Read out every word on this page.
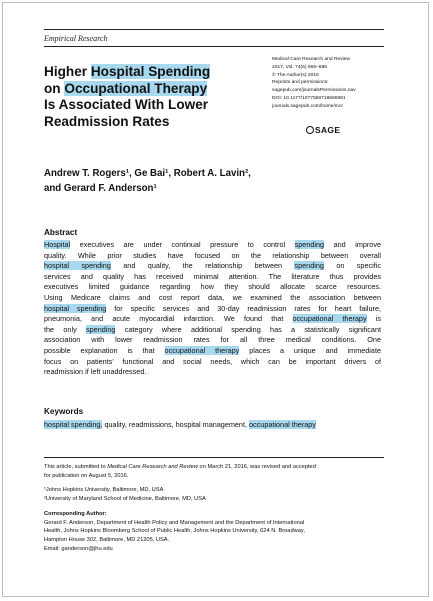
Empirical Research
Higher Hospital Spending
on Occupational Therapy
Is Associated With Lower
Readmission Rates
Medical Care Research and Review
2017, Vol. 74(6) 668–686
© The Author(s) 2016
Reprints and permissions:
sagepub.com/journalsPermissions.nav
DOI: 10.1177/1077558716666981
journals.sagepub.com/home/mcr
SAGE
Andrew T. Rogers¹, Ge Bai¹, Robert A. Lavin²,
and Gerard F. Anderson¹
Abstract
Hospital executives are under continual pressure to control spending and improve
quality. While prior studies have focused on the relationship between overall
hospital spending and quality, the relationship between spending on specific
services and quality has received minimal attention. The literature thus provides
executives limited guidance regarding how they should allocate scarce resources.
Using Medicare claims and cost report data, we examined the association between
hospital spending for specific services and 30-day readmission rates for heart failure,
pneumonia, and acute myocardial infarction. We found that occupational therapy is
the only spending category where additional spending has a statistically significant
association with lower readmission rates for all three medical conditions. One
possible explanation is that occupational therapy places a unique and immediate
focus on patients’ functional and social needs, which can be important drivers of
readmission if left unaddressed.
Keywords
hospital spending, quality, readmissions, hospital management, occupational therapy
This article, submitted to Medical Care Research and Review on March 21, 2016, was revised and accepted
for publication on August 5, 2016.
¹Johns Hopkins University, Baltimore, MD, USA
²University of Maryland School of Medicine, Baltimore, MD, USA
Corresponding Author:
Gerard F. Anderson, Department of Health Policy and Management and the Department of International
Health, Johns Hopkins Bloomberg School of Public Health, Johns Hopkins University, 624 N. Broadway,
Hampton House 302, Baltimore, MD 21205, USA.
Email: ganderson@jhu.edu
